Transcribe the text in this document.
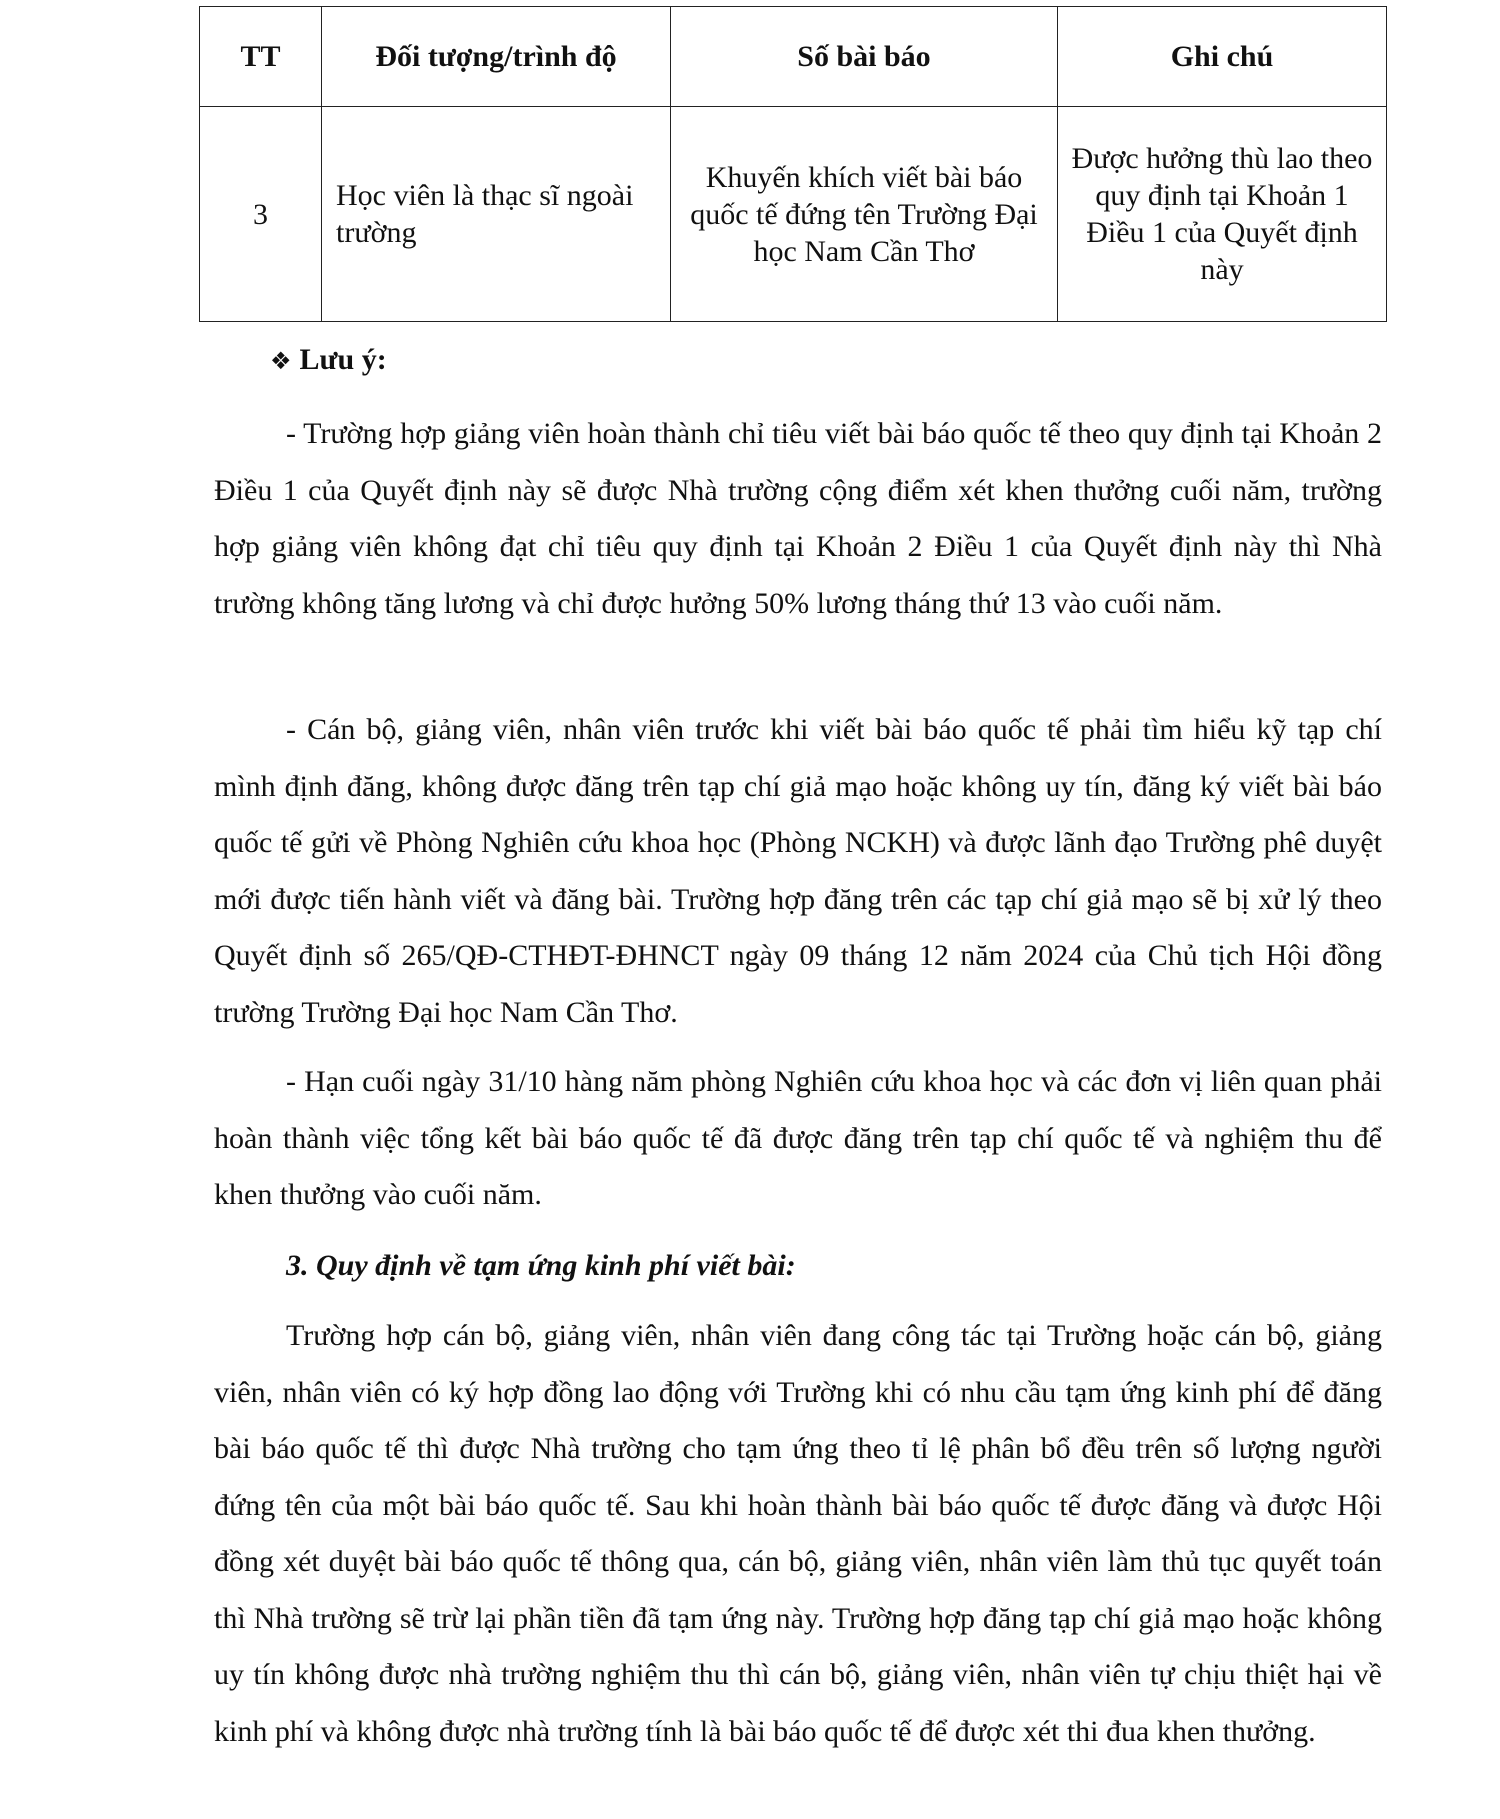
TT	Đối tượng/trình độ	Số bài báo	Ghi chú
3	Học viên là thạc sĩ ngoài trường	Khuyến khích viết bài báo quốc tế đứng tên Trường Đại học Nam Cần Thơ	Được hưởng thù lao theo quy định tại Khoản 1 Điều 1 của Quyết định này
❖ Lưu ý:

- Trường hợp giảng viên hoàn thành chỉ tiêu viết bài báo quốc tế theo quy định tại Khoản 2 Điều 1 của Quyết định này sẽ được Nhà trường cộng điểm xét khen thưởng cuối năm, trường hợp giảng viên không đạt chỉ tiêu quy định tại Khoản 2 Điều 1 của Quyết định này thì Nhà trường không tăng lương và chỉ được hưởng 50% lương tháng thứ 13 vào cuối năm.

- Cán bộ, giảng viên, nhân viên trước khi viết bài báo quốc tế phải tìm hiểu kỹ tạp chí mình định đăng, không được đăng trên tạp chí giả mạo hoặc không uy tín, đăng ký viết bài báo quốc tế gửi về Phòng Nghiên cứu khoa học (Phòng NCKH) và được lãnh đạo Trường phê duyệt mới được tiến hành viết và đăng bài. Trường hợp đăng trên các tạp chí giả mạo sẽ bị xử lý theo Quyết định số 265/QĐ-CTHĐT-ĐHNCT ngày 09 tháng 12 năm 2024 của Chủ tịch Hội đồng trường Trường Đại học Nam Cần Thơ.

- Hạn cuối ngày 31/10 hàng năm phòng Nghiên cứu khoa học và các đơn vị liên quan phải hoàn thành việc tổng kết bài báo quốc tế đã được đăng trên tạp chí quốc tế và nghiệm thu để khen thưởng vào cuối năm.

3. Quy định về tạm ứng kinh phí viết bài:

Trường hợp cán bộ, giảng viên, nhân viên đang công tác tại Trường hoặc cán bộ, giảng viên, nhân viên có ký hợp đồng lao động với Trường khi có nhu cầu tạm ứng kinh phí để đăng bài báo quốc tế thì được Nhà trường cho tạm ứng theo tỉ lệ phân bổ đều trên số lượng người đứng tên của một bài báo quốc tế. Sau khi hoàn thành bài báo quốc tế được đăng và được Hội đồng xét duyệt bài báo quốc tế thông qua, cán bộ, giảng viên, nhân viên làm thủ tục quyết toán thì Nhà trường sẽ trừ lại phần tiền đã tạm ứng này. Trường hợp đăng tạp chí giả mạo hoặc không uy tín không được nhà trường nghiệm thu thì cán bộ, giảng viên, nhân viên tự chịu thiệt hại về kinh phí và không được nhà trường tính là bài báo quốc tế để được xét thi đua khen thưởng.
